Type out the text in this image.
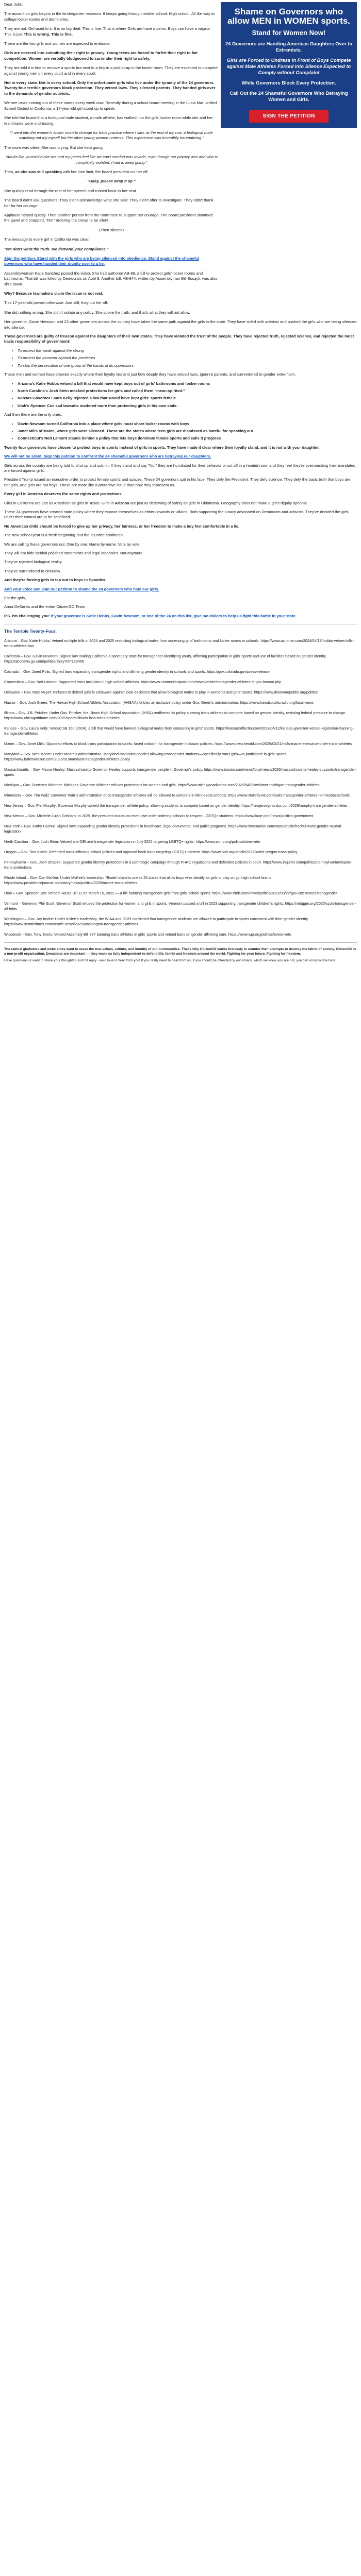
Dear John,

The assault on girls begins in the kindergarten restroom. It keeps going through middle school. High school. All the way to college locker rooms and dormitories.

They are not. Girl-used to it. It is no big deal. This is fine. That is where Girls are have a penis. Boys can have a vagina. This is just This is wrong. This is fine.

These are the two girls and women are expected to embrace.

Girls are coerced into submitting their right to privacy. Young teens are forced to forfeit their right to fair competition. Women are verbally bludgeoned to surrender their right to safety.

They are told it is fine to remove a sports bra next to a boy in a jock strap in the locker room. They are expected to compete against young men on every court and in every sport.

Not in every state. Not in every school. Only the unfortunate girls who live under the tyranny of the 24 governors. Twenty-four terrible governors block protection. They vetoed laws. They silenced parents. They handed girls over to the demands of gender activists.

We see news coming out of these states every week now. Recently during a school board meeting in the Lucia Mar Unified School District in California, a 17-year-old girl stood up to speak.

She told the board that a biological male student, a male athlete, has walked into the girls' locker room while she and her teammates were undressing.

"I went into the women's locker room to change for track practice where I saw, at the end of my row, a biological male watching not my myself but the other young women undress. This experience was incredibly traumatizing."

The room was silent. She was crying. But she kept going.

"Adults like yourself make me and my peers feel like we can't comfort was invade, even though our privacy was and who is completely violated. I had to keep going."

Then, as she was still speaking with her time limit, the board president cut her off.

"Okay, please wrap it up."

She quickly read through the rest of her speech and rushed back to her seat.

The board didn't ask questions. They didn't acknowledge what she said. They didn't offer to investigate. They didn't thank her for her courage.

Applause helped quietly. Then another person from the room rose to support her courage. The board president slammed the gavel and snapped, "No!" ordering the crowd to be silent.

(Then silence)

The message to every girl in California was clear:

"We don't want the truth. We demand your compliance."

Sign the petition. Stand with the girls who are being silenced into obedience. Stand against the shameful governors who have handed their dignity over to a lie.

Assemblywoman Katie Sanchez posted the video. She had authored AB-89, a bill to protect girls' locker rooms and bathrooms. That bill was killed by Democrats on April 9. Another bill, AB-844, written by Assemblyman Bill Essayli, was also shut down.

Why? Because lawmakers claim the issue is not real.

This 17-year-old proved otherwise. And still, they cut her off.

She did nothing wrong. She didn't violate any policy. She spoke the truth, and that's what they will not allow.

Shame on Governors who allow MEN in WOMEN sports.
Stand for Women Now!
24 Governors are Handing Americas Daughters Over to Extremists.
Girls are Forced to Undress in Front of Boys Compete against Male Athletes Forced into Silence Expected to Comply without Complaint
While Governors Block Every Protection.
Call Out the 24 Shameful Governors Who Betraying Women and Girls.
SIGN THE PETITION

Her governor, Gavin Newsom and 23 other governors across the country have taken the same path against the girls in the state. They have sided with activists and pushed the girls who are being silenced into silence.

These governors are guilty of treason against the daughters of their own states. They have violated the trust of the people. They have rejected truth, rejected science, and rejected the most basic responsibility of government:

• To protect the weak against the strong
• To protect the innocent against the predators
• To stop the persecution of one group at the hands of its oppressors

These men and women have showed exactly where their loyalty lies and just how deeply they have vetoed laws, ignored parents, and surrendered to gender extremism.

• Arizona's Katie Hobbs vetoed a bill that would have kept boys out of girls' bathrooms and locker rooms
• North Carolina's Josh Stein mocked protections for girls and called them "mean-spirited."
• Kansas Governor Laura Kelly rejected a law that would have kept girls' sports female
• Utah's Spencer Cox sad lawsuits mattered more than protecting girls in his own state.

And then there are the only ones:

• Gavin Newsom turned California into a place where girls must share locker rooms with boys
• Janet Mills of Maine, where girls were silenced. These are the states where teen girls are dismissed as hateful for speaking out
• Connecticut's Ned Lamont stands behind a policy that lets boys dominate female sports and calls it progress

Twenty-four governors have chosen to protect boys in sports instead of girls in sports. They have made it clear where their loyalty stand, and it is not with your daughter.

We will not be silent. Sign this petition to confront the 24 shameful governors who are betraying our daughters.

Girls across the country are being told to shut up and submit. If they stand and say "No," they are humiliated for their behavior or cut off in a heated room and they feel they're overreaching their mandates are forced against girls.

President Trump issued an executive order to protect female sports and spaces. These 24 governors spit in his face. They defy the President. They defy science. They defy the basic truth that boys are not girls, and girls are not boys. These are more like a protective issue than how they represent us.

Every girl in America deserves the same rights and protections.

Girls in California are just as American as girls in Texas. Girls in Arizona are just as deserving of safety as girls in Oklahoma. Geography does not make a girl's dignity optional.

These 24 governors have created state policy where they expose themselves as either cowards or villains. Both supporting the lunacy advocated on Democrats and activists. They've decided the girls under their control are to be sacrificed.

No American child should be forced to give up her privacy, her fairness, or her freedom to make a boy feel comfortable in a lie.

The new school year is a fresh beginning, but the injustice continues.

We are calling these governors out. One by one. Name by name. Vote by vote.

They will not hide behind polished statements and legal loopholes. Not anymore.

They've rejected biological reality.

They've surrendered to delusion.

And they're forcing girls to tap out to boys in Spandex.

Add your voice and sign our petition to shame the 24 governors who hate our girls.

For the girls,

Anna DeSantis and the entire CitizenGO Team

P.S. I'm challenging you: If your governor is Katie Hobbs, Gavin Newsom, or one of the 24 on this list, give me dollars to help us fight this battle in your state.

The Terrible Twenty-Four:

Arizona – Gov. Katie Hobbs: Vetoed multiple bills in 2024 and 2025 restricting biological males from accessing girls' bathrooms and locker rooms in schools. https://www.azmirror.com/2024/04/18/hobbs-vetoes-bills-trans-athletes-ban

California – Gov. Gavin Newsom: Signed law making California a sanctuary state for transgender-identifying youth, affirming participation in girls' sports and use of facilities based on gender identity. https://abcnews.go.com/politics/story?id=123456

Colorado – Gov. Jared Polis: Signed laws expanding transgender rights and affirming gender identity in schools and sports. https://gov.colorado.gov/press-release

Connecticut – Gov. Ned Lamont: Supported trans inclusion in high school athletics. https://www.connecticutpost.com/news/article/transgender-athletes-ct-gov-lamont.php

Delaware – Gov. Matt Meyer: Refuses to defend girls in Delaware against local decisions that allow biological males to play in women's and girls' sports. https://www.delawarepublic.org/politics

Hawaii – Gov. Josh Green: The Hawaii High School Athletic Association (HHSAA) follows an inclusive policy under Gov. Green's administration. https://www.hawaiipublicradio.org/local-news

Illinois – Gov. J.B. Pritzker: Under Gov. Pritzker, the Illinois High School Association (IHSA) reaffirmed its policy allowing trans athletes to compete based on gender identity, resisting federal pressure to change. https://www.chicagotribune.com/2025/sports/illinois-ihsa-trans-athletes

Kansas – Gov. Laura Kelly: Vetoed SB 160 (2024), a bill that would have banned biological males from competing in girls' sports. https://kansasreflector.com/2023/04/12/kansas-governor-vetoes-legislation-banning-transgender-athletes

Maine – Gov. Janet Mills: Opposed efforts to block trans participation in sports; faced criticism for transgender inclusion policies. https://www.pressherald.com/2025/02/21/mills-maine-executive-order-trans-athletes

Maryland – Gov. Wes Moore: Under Moore's administration, Maryland maintains policies allowing transgender students—specifically trans girls—to participate in girls' sports. https://www.baltimoresun.com/2025/01/maryland-transgender-athletes-policy

Massachusetts – Gov. Maura Healey: Massachusetts Governor Healey supports transgender people in Governor's policy. https://www.boston.com/news/local-news/2025/massachusetts-healey-supports-transgender-sports

Michigan – Gov. Gretchen Whitmer: Michigan Governor Whitmer refuses protections for women and girls. https://www.michiganadvance.com/2025/04/22/whitmer-michigan-transgender-athletes

Minnesota – Gov. Tim Walz: Governor Walz's administration once transgender athletes will be allowed to compete in Minnesota schools. https://www.startribune.com/walz-transgender-athletes-minnesota-schools

New Jersey – Gov. Phil Murphy: Governor Murphy upheld the transgender athlete policy, allowing students to compete based on gender identity. https://newjerseymonitor.com/2025/murphy-transgender-athletes

New Mexico – Gov. Michelle Lujan Grisham: In 2025, the president issued an executive order ordering schools to respect LGBTQ+ students. https://www.krqe.com/news/politics-government

New York – Gov. Kathy Hochul: Signed laws expanding gender identity protections in healthcare, legal documents, and public programs. https://www.timesunion.com/state/article/hochul-trans-gender-neutral-legislation

North Carolina – Gov. Josh Stein: Vetoed anti-DEI and transgender legislation in July 2025 targeting LGBTQ+ rights. https://www.wunc.org/politics/stein-veto

Oregon – Gov. Tina Kotek: Defended trans-affirming school policies and opposed book bans targeting LGBTQ+ content. https://www.opb.org/article/2025/kotek-oregon-trans-policy

Pennsylvania – Gov. Josh Shapiro: Supported gender identity protections in a pathologic campaign through PHRC regulations and defended policies in court. https://www.inquirer.com/politics/pennsylvania/shapiro-trans-protections

Rhode Island – Gov. Dan McKee: Under McKee's leadership, Rhode Island is one of 25 states that allow boys who identify as girls to play on girl high school teams. https://www.providencejournal.com/story/news/politics/2025/mckee-trans-athletes

Utah – Gov. Spencer Cox: Vetoed House Bill 11 on March 15, 2022 — a bill banning transgender girls from girls' school sports. https://www.sltrib.com/news/politics/2022/03/22/gov-cox-vetoes-transgender

Vermont – Governor Phil Scott: Governor Scott refused the protection for women and girls in sports. Vermont passed a bill in 2023 supporting transgender children's rights. https://vtdigger.org/2025/scott-transgender-athletes

Washington – Gov. Jay Inslee: Under Inslee's leadership, the WIAA and OSPI confirmed that transgender students are allowed to participate in sports consistent with their gender identity. https://www.seattletimes.com/seattle-news/2025/washington-transgender-athletes

Wisconsin – Gov. Tony Evers: Vetoed Assembly Bill 377 banning trans athletes in girls' sports and vetoed bans on gender affirming care. https://www.wpr.org/politics/evers-veto

The radical gladiators and woke elites want to erase the true values, culture, and identity of our communities. That's why CitizenGO works tirelessly to counter their attempts to destroy the fabric of society. CitizenGO is a non-profit organization. Donations are important — they make us fully independent to defend life, family and freedom around the world. Fighting for your future. Fighting for freedom.

Have questions or want to share your thoughts? Just hit reply - we'd love to hear from you! If you really need to hear from us, if you should be offended by our emails, which we know you are not, you can unsubscribe here.
